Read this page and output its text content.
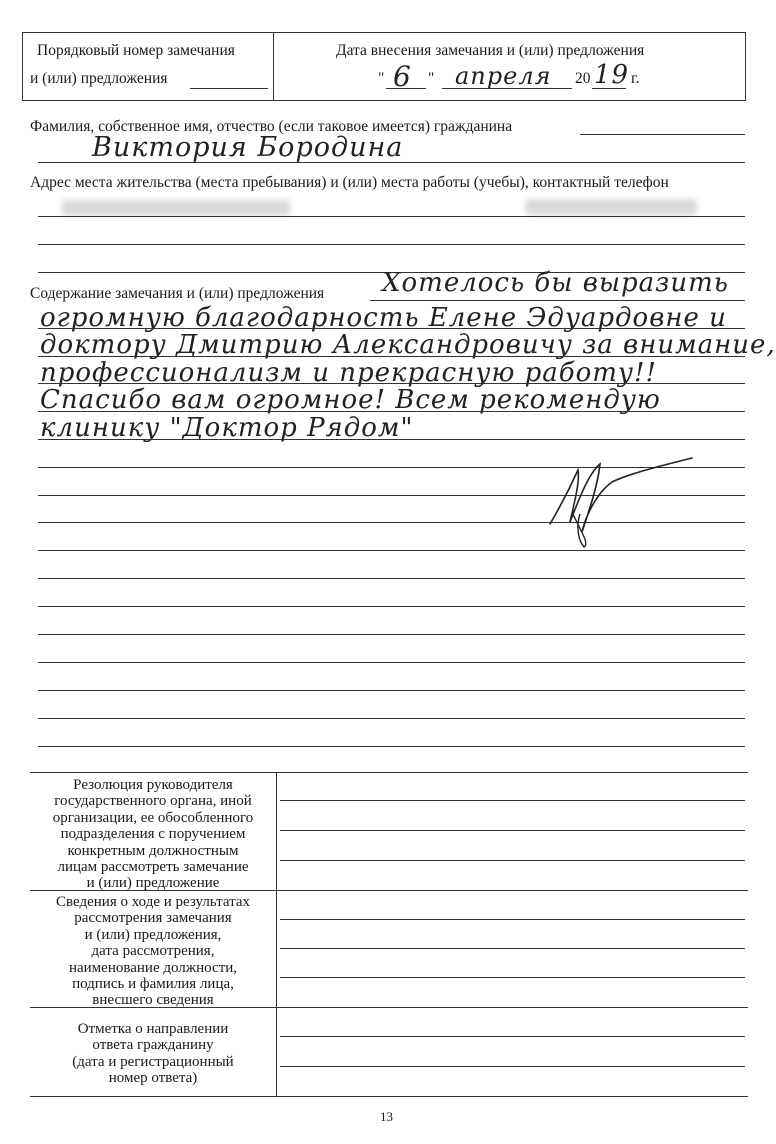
Порядковый номер замечания
и (или) предложения
Дата внесения замечания и (или) предложения
" 6 " апреля 20 19 г.
Фамилия, собственное имя, отчество (если таковое имеется) гражданина
Виктория Бородина
Адрес места жительства (места пребывания) и (или) места работы (учебы), контактный телефон
Содержание замечания и (или) предложения Хотелось бы выразить
огромную благодарность Елене Эдуардовне и
доктору Дмитрию Александровичу за внимание,
профессионализм и прекрасную работу!!
Спасибо вам огромное! Всем рекомендую
клинику "Доктор Рядом"
Резолюция руководителя
государственного органа, иной
организации, ее обособленного
подразделения с поручением
конкретным должностным
лицам рассмотреть замечание
и (или) предложение
Сведения о ходе и результатах
рассмотрения замечания
и (или) предложения,
дата рассмотрения,
наименование должности,
подпись и фамилия лица,
внесшего сведения
Отметка о направлении
ответа гражданину
(дата и регистрационный
номер ответа)
13
